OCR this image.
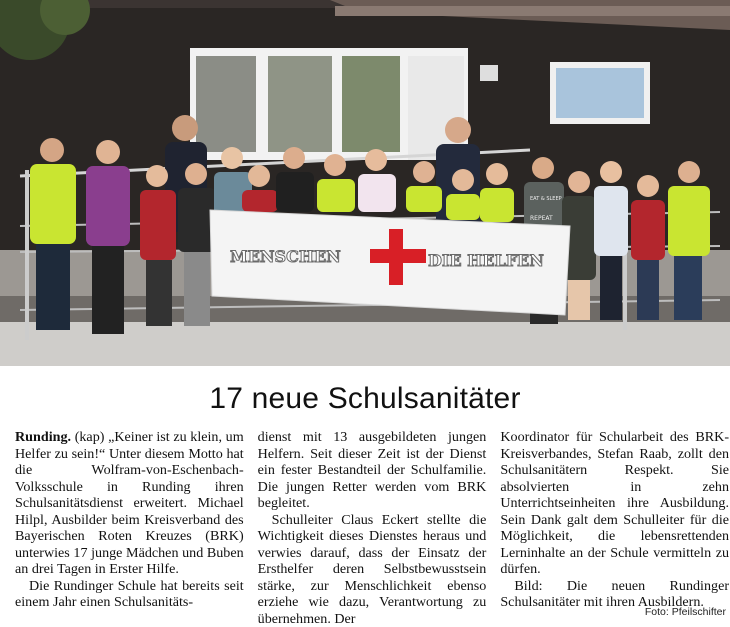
EAT & SLEEP
REPEAT
MENSCHEN	DIE HELFEN
17 neue Schulsanitäter

Runding. (kap) „Keiner ist zu klein, um Helfer zu sein!“ Unter diesem Motto hat die Wolfram-von-Eschenbach-Volksschule in Runding ihren Schulsanitätsdienst erweitert. Michael Hilpl, Ausbilder beim Kreisverband des Bayerischen Roten Kreuzes (BRK) unterwies 17 junge Mädchen und Buben an drei Tagen in Erster Hilfe.

Die Rundinger Schule hat bereits seit einem Jahr einen Schulsanitäts-

dienst mit 13 ausgebildeten jungen Helfern. Seit dieser Zeit ist der Dienst ein fester Bestandteil der Schulfamilie. Die jungen Retter werden vom BRK begleitet.

Schulleiter Claus Eckert stellte die Wichtigkeit dieses Dienstes heraus und verwies darauf, dass der Einsatz der Ersthelfer deren Selbstbewusstsein stärke, zur Menschlichkeit ebenso erziehe wie dazu, Verantwortung zu übernehmen. Der

Koordinator für Schularbeit des BRK-Kreisverbandes, Stefan Raab, zollt den Schulsanitätern Respekt. Sie absolvierten in zehn Unterrichtseinheiten ihre Ausbildung. Sein Dank galt dem Schulleiter für die Möglichkeit, die lebensrettenden Lerninhalte an der Schule vermitteln zu dürfen.

Bild: Die neuen Rundinger Schulsanitäter mit ihren Ausbildern.

Foto: Pfeilschifter
